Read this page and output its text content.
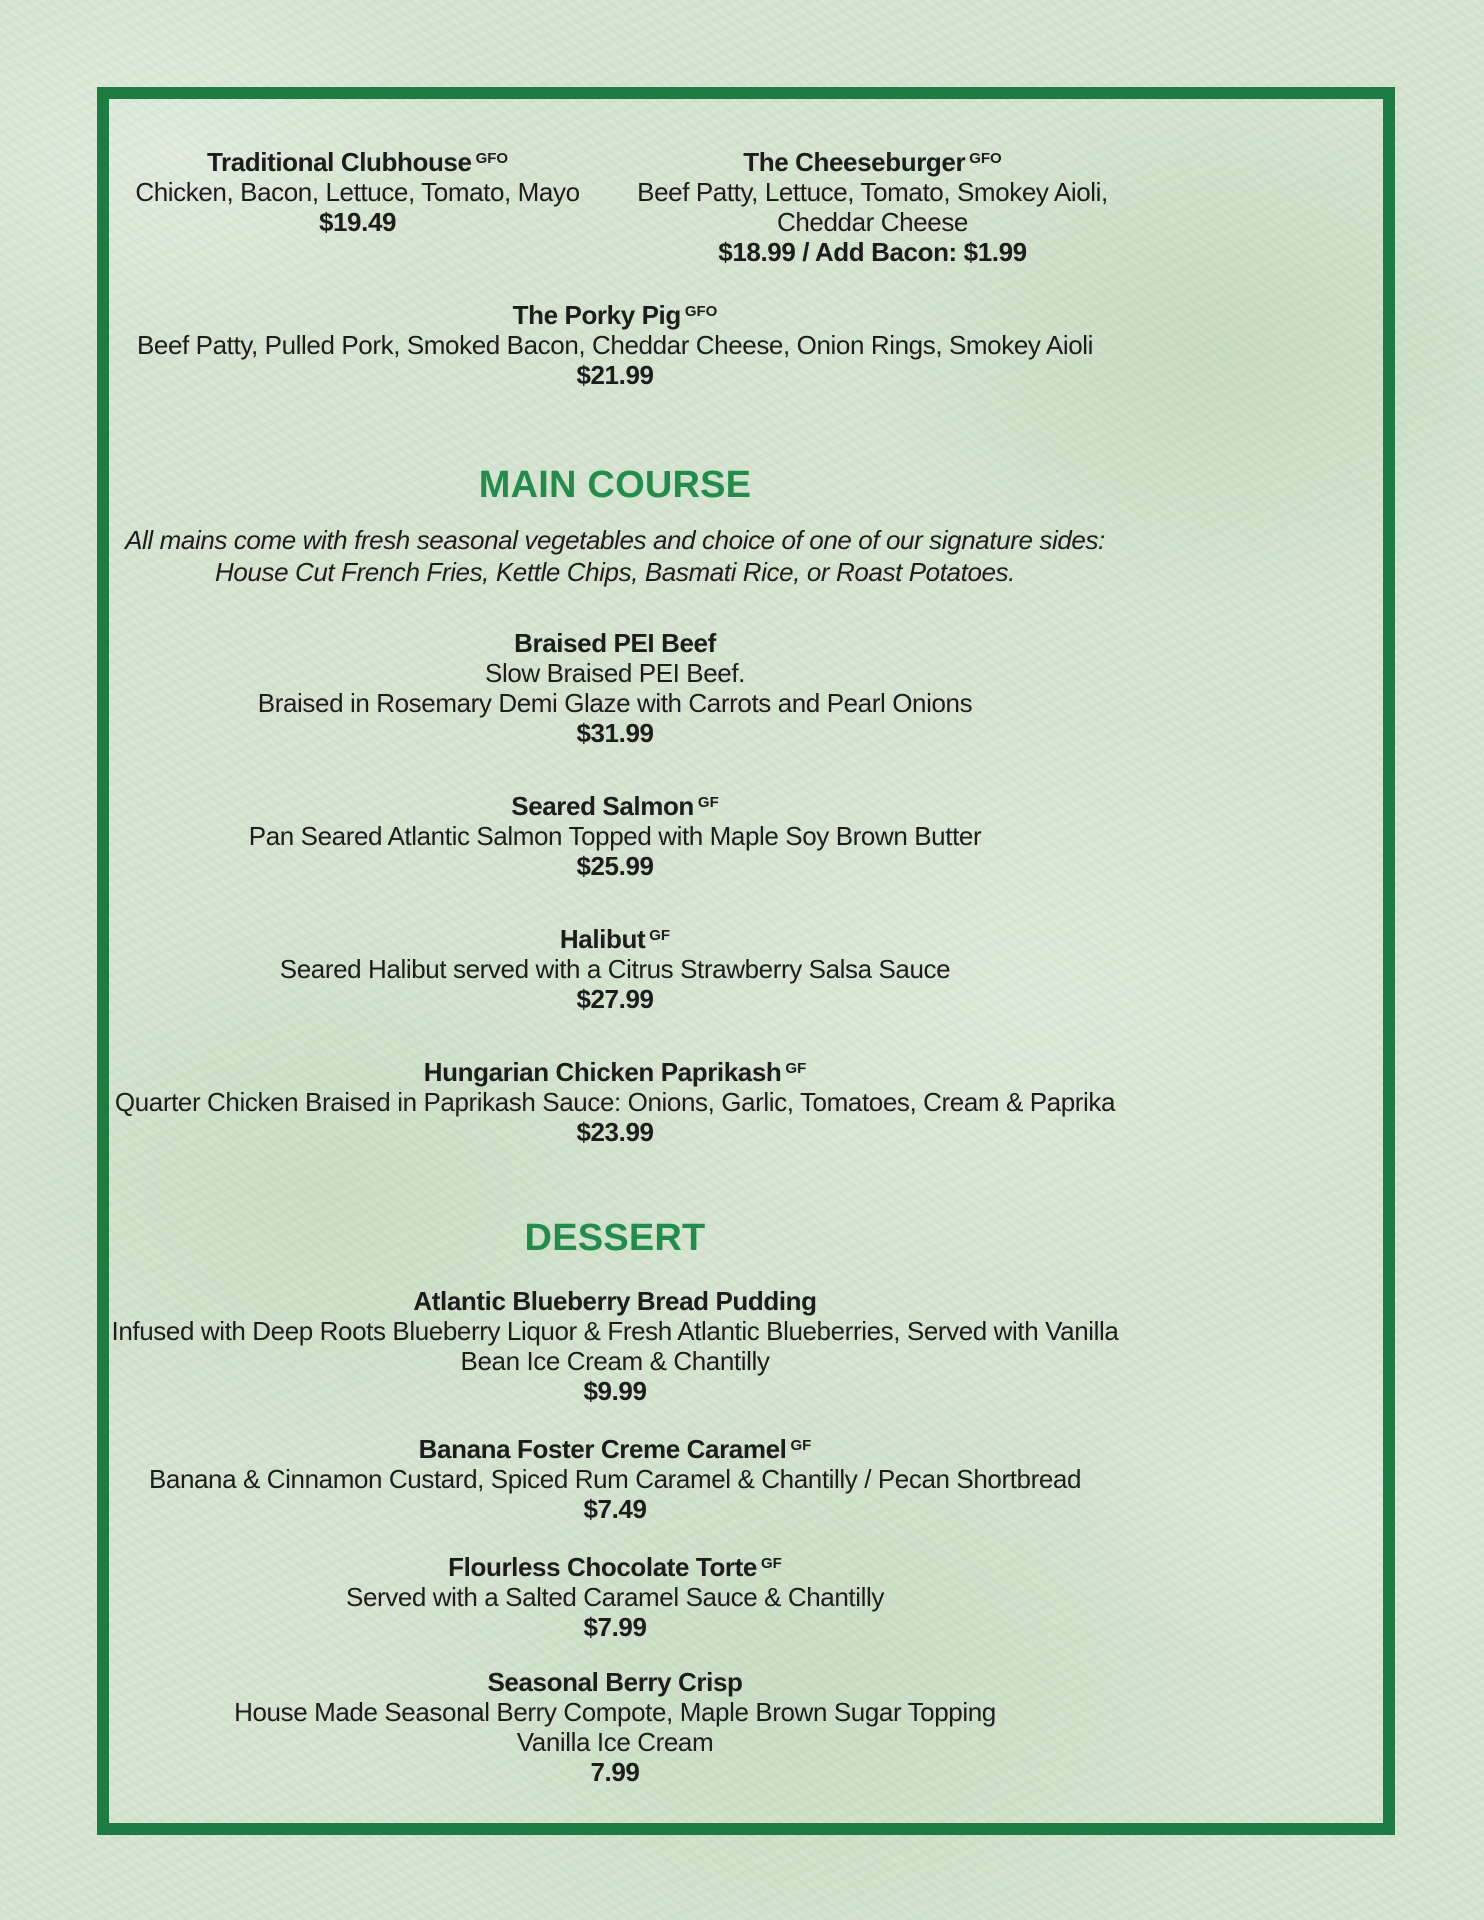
Traditional Clubhouse $^{GFO}$
Chicken, Bacon, Lettuce, Tomato, Mayo
$19.49
The Cheeseburger $^{GFO}$
Beef Patty, Lettuce, Tomato, Smokey Aioli,
Cheddar Cheese
$18.99 / Add Bacon: $1.99
The Porky Pig $^{GFO}$
Beef Patty, Pulled Pork, Smoked Bacon, Cheddar Cheese, Onion Rings, Smokey Aioli
$21.99
MAIN COURSE
All mains come with fresh seasonal vegetables and choice of one of our signature sides:
House Cut French Fries, Kettle Chips, Basmati Rice, or Roast Potatoes.
Braised PEI Beef
Slow Braised PEI Beef.
Braised in Rosemary Demi Glaze with Carrots and Pearl Onions
$31.99
Seared Salmon $^{GF}$
Pan Seared Atlantic Salmon Topped with Maple Soy Brown Butter
$25.99
Halibut $^{GF}$
Seared Halibut served with a Citrus Strawberry Salsa Sauce
$27.99
Hungarian Chicken Paprikash $^{GF}$
Quarter Chicken Braised in Paprikash Sauce: Onions, Garlic, Tomatoes, Cream & Paprika
$23.99
DESSERT
Atlantic Blueberry Bread Pudding
Infused with Deep Roots Blueberry Liquor & Fresh Atlantic Blueberries, Served with Vanilla
Bean Ice Cream & Chantilly
$9.99
Banana Foster Creme Caramel $^{GF}$
Banana & Cinnamon Custard, Spiced Rum Caramel & Chantilly / Pecan Shortbread
$7.49
Flourless Chocolate Torte $^{GF}$
Served with a Salted Caramel Sauce & Chantilly
$7.99
Seasonal Berry Crisp
House Made Seasonal Berry Compote, Maple Brown Sugar Topping
Vanilla Ice Cream
7.99
